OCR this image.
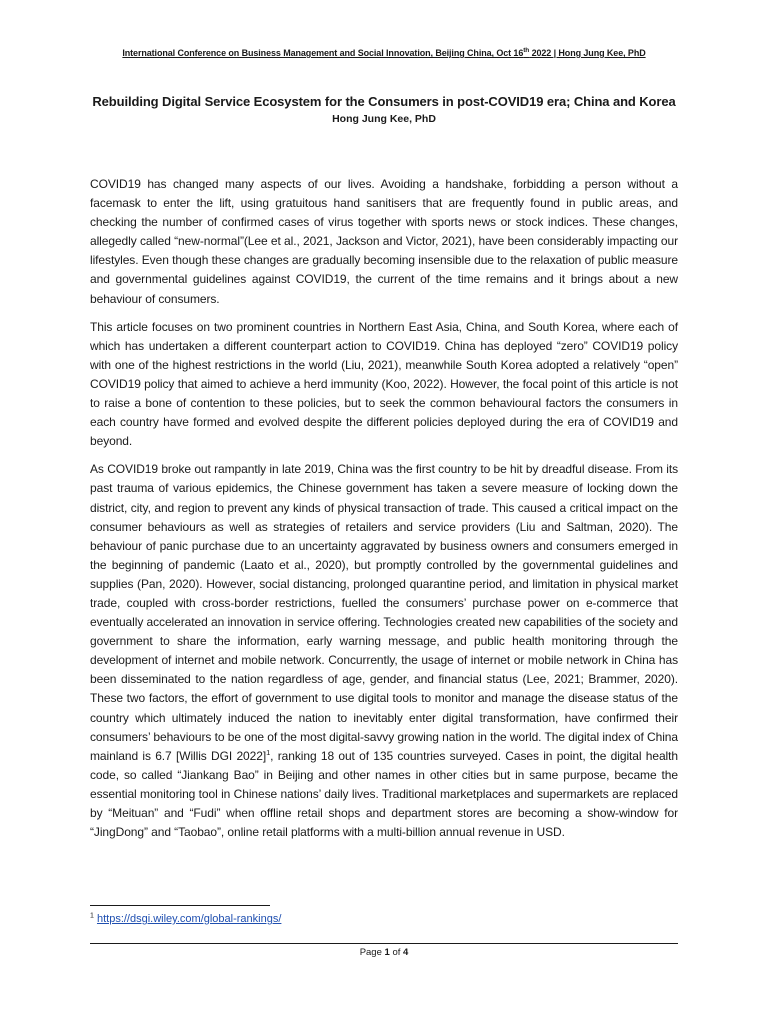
International Conference on Business Management and Social Innovation, Beijing China, Oct 16th 2022 | Hong Jung Kee, PhD
Rebuilding Digital Service Ecosystem for the Consumers in post-COVID19 era; China and Korea
Hong Jung Kee, PhD

COVID19 has changed many aspects of our lives. Avoiding a handshake, forbidding a person without a facemask to enter the lift, using gratuitous hand sanitisers that are frequently found in public areas, and checking the number of confirmed cases of virus together with sports news or stock indices. These changes, allegedly called “new-normal”(Lee et al., 2021, Jackson and Victor, 2021), have been considerably impacting our lifestyles. Even though these changes are gradually becoming insensible due to the relaxation of public measure and governmental guidelines against COVID19, the current of the time remains and it brings about a new behaviour of consumers.

This article focuses on two prominent countries in Northern East Asia, China, and South Korea, where each of which has undertaken a different counterpart action to COVID19. China has deployed “zero” COVID19 policy with one of the highest restrictions in the world (Liu, 2021), meanwhile South Korea adopted a relatively “open” COVID19 policy that aimed to achieve a herd immunity (Koo, 2022). However, the focal point of this article is not to raise a bone of contention to these policies, but to seek the common behavioural factors the consumers in each country have formed and evolved despite the different policies deployed during the era of COVID19 and beyond.

As COVID19 broke out rampantly in late 2019, China was the first country to be hit by dreadful disease. From its past trauma of various epidemics, the Chinese government has taken a severe measure of locking down the district, city, and region to prevent any kinds of physical transaction of trade. This caused a critical impact on the consumer behaviours as well as strategies of retailers and service providers (Liu and Saltman, 2020). The behaviour of panic purchase due to an uncertainty aggravated by business owners and consumers emerged in the beginning of pandemic (Laato et al., 2020), but promptly controlled by the governmental guidelines and supplies (Pan, 2020). However, social distancing, prolonged quarantine period, and limitation in physical market trade, coupled with cross-border restrictions, fuelled the consumers’ purchase power on e-commerce that eventually accelerated an innovation in service offering. Technologies created new capabilities of the society and government to share the information, early warning message, and public health monitoring through the development of internet and mobile network. Concurrently, the usage of internet or mobile network in China has been disseminated to the nation regardless of age, gender, and financial status (Lee, 2021; Brammer, 2020). These two factors, the effort of government to use digital tools to monitor and manage the disease status of the country which ultimately induced the nation to inevitably enter digital transformation, have confirmed their consumers’ behaviours to be one of the most digital-savvy growing nation in the world. The digital index of China mainland is 6.7 [Willis DGI 2022]$^1$, ranking 18 out of 135 countries surveyed. Cases in point, the digital health code, so called “Jiankang Bao” in Beijing and other names in other cities but in same purpose, became the essential monitoring tool in Chinese nations’ daily lives. Traditional marketplaces and supermarkets are replaced by “Meituan” and “Fudi” when offline retail shops and department stores are becoming a show-window for “JingDong” and “Taobao”, online retail platforms with a multi-billion annual revenue in USD.

$^1$ https://dsgi.wiley.com/global-rankings/
Page 1 of 4
